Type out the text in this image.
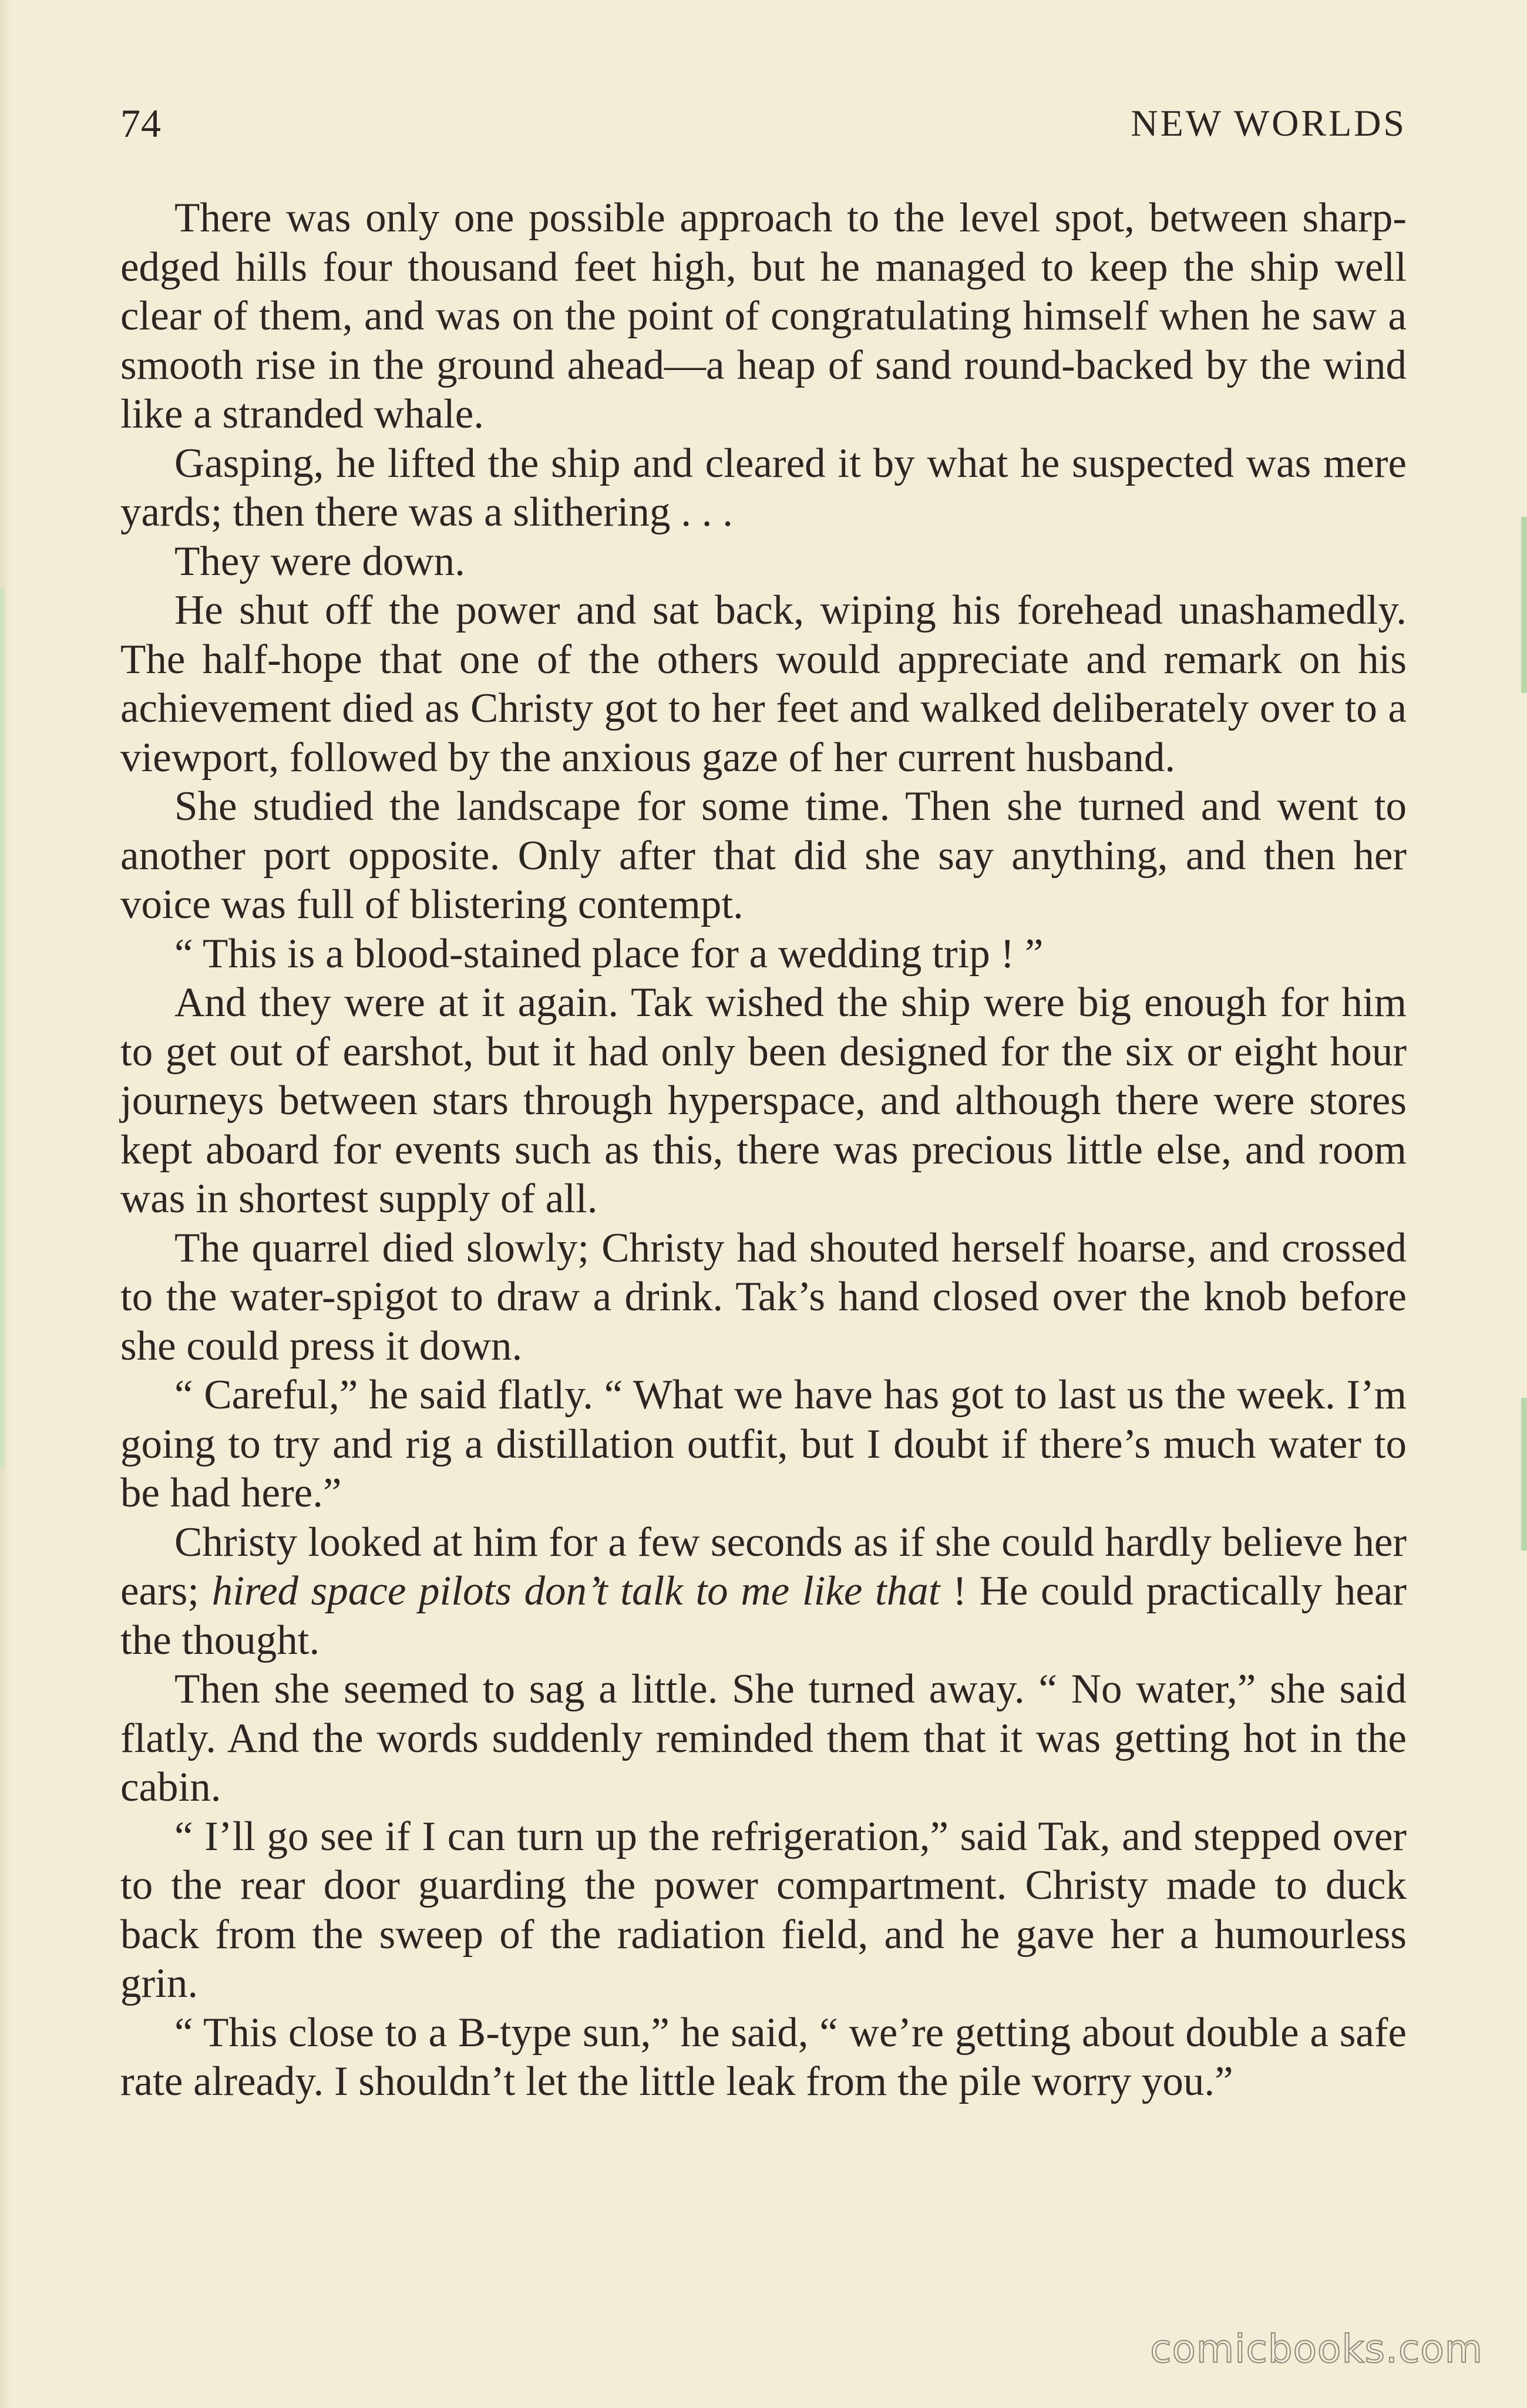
74	NEW WORLDS

There was only one possible approach to the level spot, between sharp-edged hills four thousand feet high, but he managed to keep the ship well clear of them, and was on the point of congratulating himself when he saw a smooth rise in the ground ahead—a heap of sand round-backed by the wind like a stranded whale.

Gasping, he lifted the ship and cleared it by what he suspected was mere yards; then there was a slithering . . .

They were down.

He shut off the power and sat back, wiping his forehead unashamedly. The half-hope that one of the others would appreciate and remark on his achievement died as Christy got to her feet and walked deliberately over to a viewport, followed by the anxious gaze of her current husband.

She studied the landscape for some time. Then she turned and went to another port opposite. Only after that did she say anything, and then her voice was full of blistering contempt.

“ This is a blood-stained place for a wedding trip ! ”

And they were at it again. Tak wished the ship were big enough for him to get out of earshot, but it had only been designed for the six or eight hour journeys between stars through hyperspace, and although there were stores kept aboard for events such as this, there was precious little else, and room was in shortest supply of all.

The quarrel died slowly; Christy had shouted herself hoarse, and crossed to the water-spigot to draw a drink. Tak’s hand closed over the knob before she could press it down.

“ Careful,” he said flatly. “ What we have has got to last us the week. I’m going to try and rig a distillation outfit, but I doubt if there’s much water to be had here.”

Christy looked at him for a few seconds as if she could hardly believe her ears; hired space pilots don’t talk to me like that ! He could practically hear the thought.

Then she seemed to sag a little. She turned away. “ No water,” she said flatly. And the words suddenly reminded them that it was getting hot in the cabin.

“ I’ll go see if I can turn up the refrigeration,” said Tak, and stepped over to the rear door guarding the power compartment. Christy made to duck back from the sweep of the radiation field, and he gave her a humourless grin.

“ This close to a B-type sun,” he said, “ we’re getting about double a safe rate already. I shouldn’t let the little leak from the pile worry you.”

comicbooks.com
